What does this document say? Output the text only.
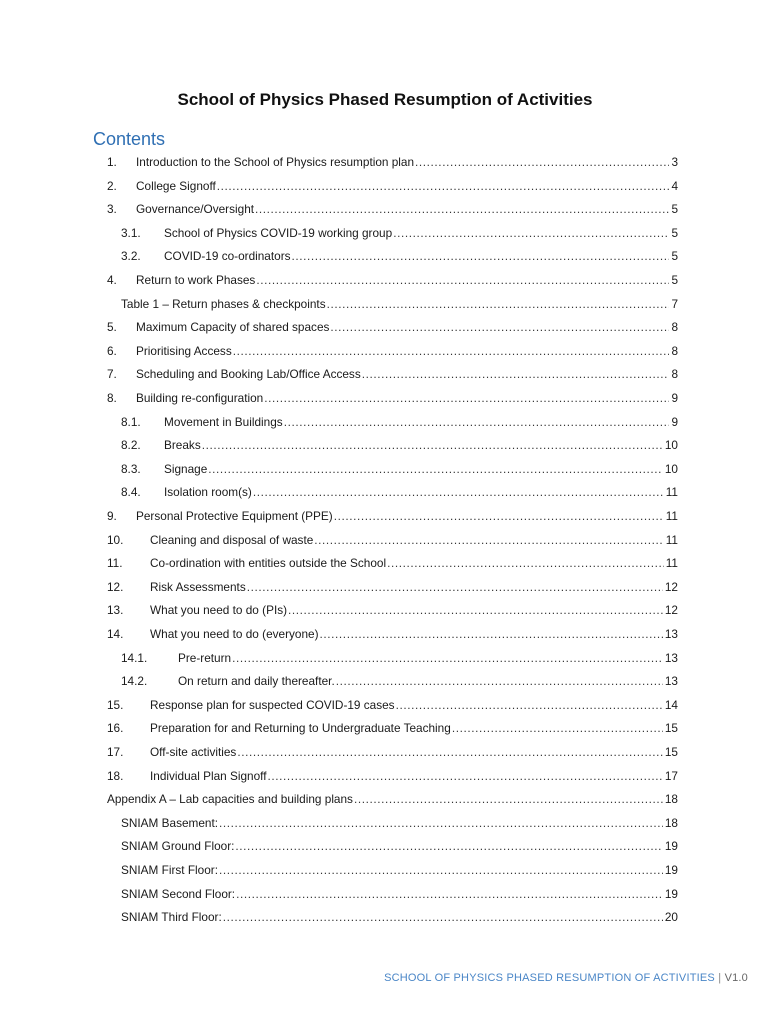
School of Physics Phased Resumption of Activities
Contents
1.	Introduction to the School of Physics resumption plan .....	3
2.	College Signoff .....	4
3.	Governance/Oversight .....	5
3.1.	School of Physics COVID-19 working group .....	5
3.2.	COVID-19 co-ordinators .....	5
4.	Return to work Phases .....	5
Table 1 – Return phases & checkpoints .....	7
5.	Maximum Capacity of shared spaces .....	8
6.	Prioritising Access .....	8
7.	Scheduling and Booking Lab/Office Access .....	8
8.	Building re-configuration .....	9
8.1.	Movement in Buildings .....	9
8.2.	Breaks .....	10
8.3.	Signage .....	10
8.4.	Isolation room(s) .....	11
9.	Personal Protective Equipment (PPE) .....	11
10.	Cleaning and disposal of waste .....	11
11.	Co-ordination with entities outside the School .....	11
12.	Risk Assessments .....	12
13.	What you need to do (PIs) .....	12
14.	What you need to do (everyone) .....	13
14.1.	Pre-return .....	13
14.2.	On return and daily thereafter. .....	13
15.	Response plan for suspected COVID-19 cases .....	14
16.	Preparation for and Returning to Undergraduate Teaching .....	15
17.	Off-site activities .....	15
18.	Individual Plan Signoff .....	17
Appendix A – Lab capacities and building plans .....	18
SNIAM Basement: .....	18
SNIAM Ground Floor: .....	19
SNIAM First Floor: .....	19
SNIAM Second Floor: .....	19
SNIAM Third Floor: .....	20
SCHOOL OF PHYSICS PHASED RESUMPTION OF ACTIVITIES | V1.0
